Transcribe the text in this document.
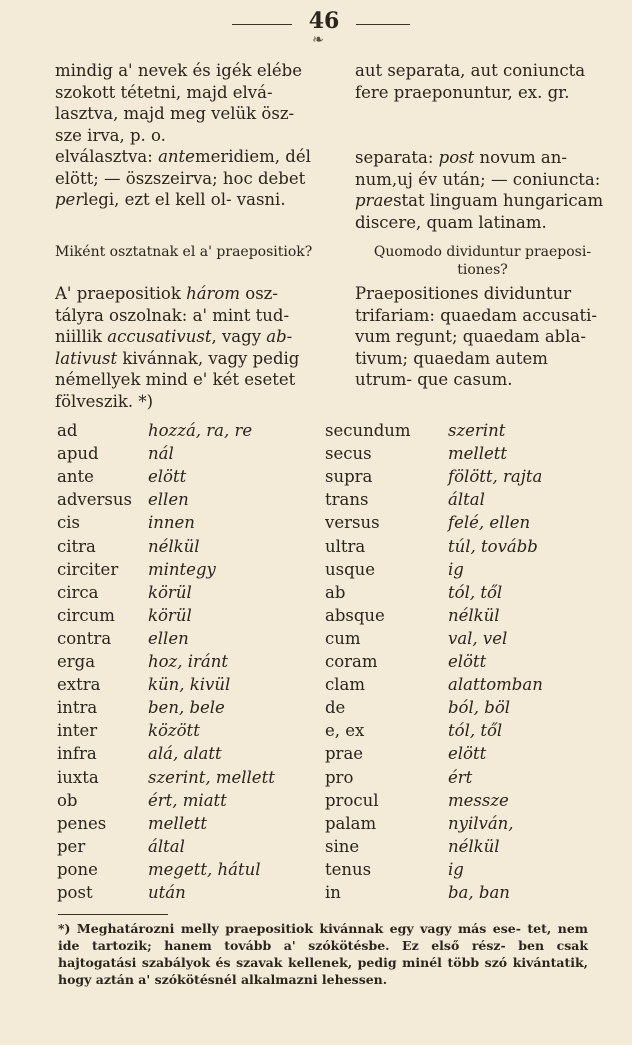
46
❧

mindig a' nevek és igék elébe szokott tétetni, majd elvá- lasztva, majd meg velük ösz- sze irva, p. o.

elválasztva: antemeridiem, dél elött; — öszszeirva; hoc debet perlegi, ezt el kell ol- vasni.

Miként osztatnak el a' praepositiok?
A' praepositiok három osz- tályra oszolnak: a' mint tud- niillik accusativust, vagy ab- lativust kivánnak, vagy pedig némellyek mind e' két esetet fölveszik. *)

aut separata, aut coniuncta fere praeponuntur, ex. gr.

separata: post novum an- num,uj év után; — coniuncta: praestat linguam hungaricam discere, quam latinam.
Quomodo dividuntur praeposi- tiones?
Praepositiones dividuntur trifariam: quaedam accusati- vum regunt; quaedam abla- tivum; quaedam autem utrum- que casum.
ad	hozzá, ra, re	secundum szerint
apud	nál	secus	mellett
ante	elött	supra	fölött, rajta
adversus ellen	trans	által
cis	innen	versus	felé, ellen
citra	nélkül	ultra	túl, tovább
circiter mintegy	usque	ig
circa	körül	ab	tól, től
circum körül	absque	nélkül
contra ellen	cum	val, vel
erga	hoz, iránt	coram	elött
extra	kün, kivül	clam	alattomban
intra	ben, bele	de	ból, böl
inter	között	e, ex	tól, től
infra	alá, alatt	prae	elött
iuxta	szerint, mellett	pro	ért
ob	ért, miatt	procul	messze
penes	mellett	palam	nyilván,
per	által	sine	nélkül
pone	megett, hátul	tenus	ig
post	után	in	ba, ban
*) Meghatározni melly praepositiok kivánnak egy vagy más ese- tet, nem ide tartozik; hanem tovább a' szókötésbe. Ez első rész- ben csak hajtogatási szabályok és szavak kellenek, pedig minél több szó kivántatik, hogy aztán a' szókötésnél alkalmazni lehessen.
